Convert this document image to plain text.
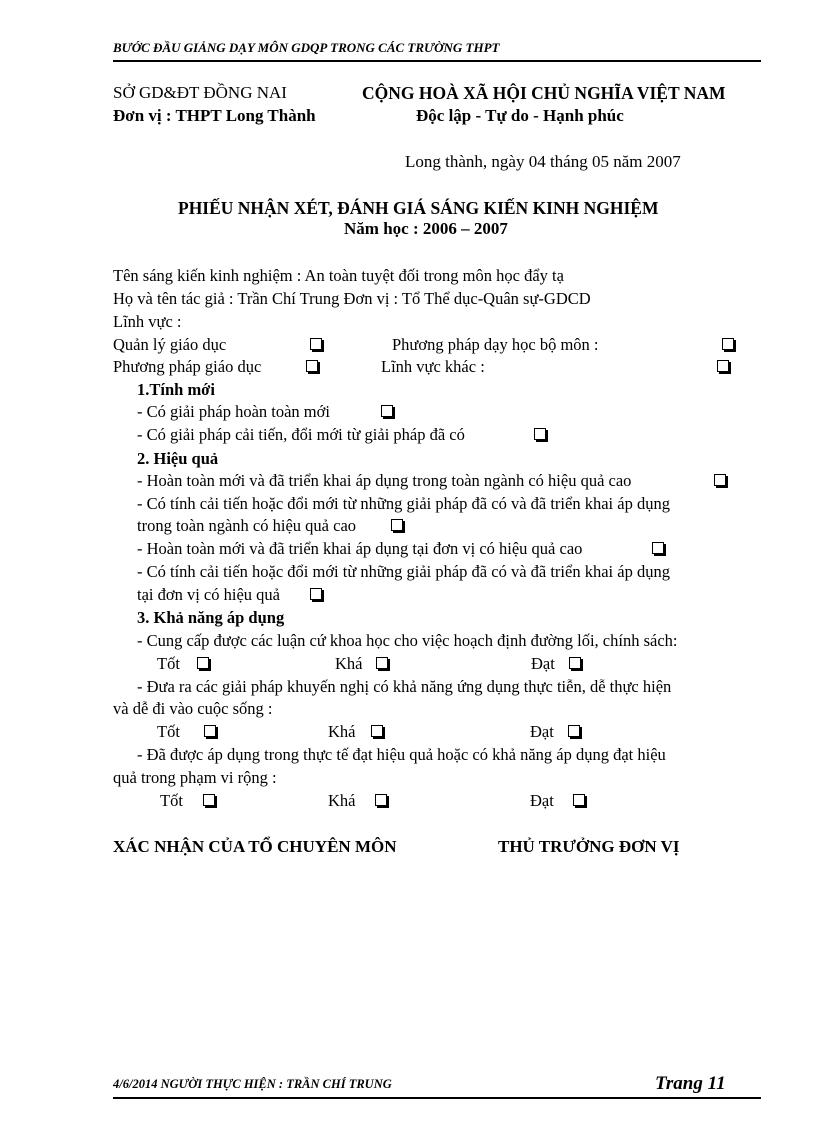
BƯỚC ĐẦU GIẢNG DẠY MÔN GDQP TRONG CÁC TRƯỜNG THPT
SỞ GD&ĐT ĐỒNG NAI
Đơn vị : THPT Long Thành
CỘNG HOÀ XÃ HỘI CHỦ NGHĨA VIỆT NAM
Độc lập - Tự do - Hạnh phúc
Long thành, ngày 04 tháng 05 năm 2007
PHIẾU NHẬN XÉT, ĐÁNH GIÁ SÁNG KIẾN KINH NGHIỆM
Năm học : 2006 – 2007
Tên sáng kiến kinh nghiệm : An toàn tuyệt đối trong môn học đẩy tạ
Họ và tên tác giả : Trần Chí Trung Đơn vị : Tổ Thể dục-Quân sự-GDCD
Lĩnh vực :
Quản lý giáo dục	Phương pháp dạy học bộ môn :
Phương pháp giáo dục	Lĩnh vực khác :
1.Tính mới
- Có giải pháp hoàn toàn mới
- Có giải pháp cải tiến, đổi mới từ giải pháp đã có
2. Hiệu quả
- Hoàn toàn mới và đã triển khai áp dụng trong toàn ngành có hiệu quả cao
- Có tính cải tiến hoặc đổi mới từ những giải pháp đã có và đã triển khai áp dụng
trong toàn ngành có hiệu quả cao
- Hoàn toàn mới và đã triển khai áp dụng tại đơn vị có hiệu quả cao
- Có tính cải tiến hoặc đổi mới từ những giải pháp đã có và đã triển khai áp dụng
tại đơn vị có hiệu quả
3. Khả năng áp dụng
- Cung cấp được các luận cứ khoa học cho việc hoạch định đường lối, chính sách:
Tốt	Khá	Đạt
- Đưa ra các giải pháp khuyến nghị có khả năng ứng dụng thực tiễn, dễ thực hiện
và dễ đi vào cuộc sống :
Tốt	Khá	Đạt
- Đã được áp dụng trong thực tế đạt hiệu quả hoặc có khả năng áp dụng đạt hiệu
quả trong phạm vi rộng :
Tốt	Khá	Đạt
XÁC NHẬN CỦA TỔ CHUYÊN MÔN	THỦ TRƯỞNG ĐƠN VỊ
4/6/2014 NGƯỜI THỰC HIỆN : TRẦN CHÍ TRUNG	Trang 11
